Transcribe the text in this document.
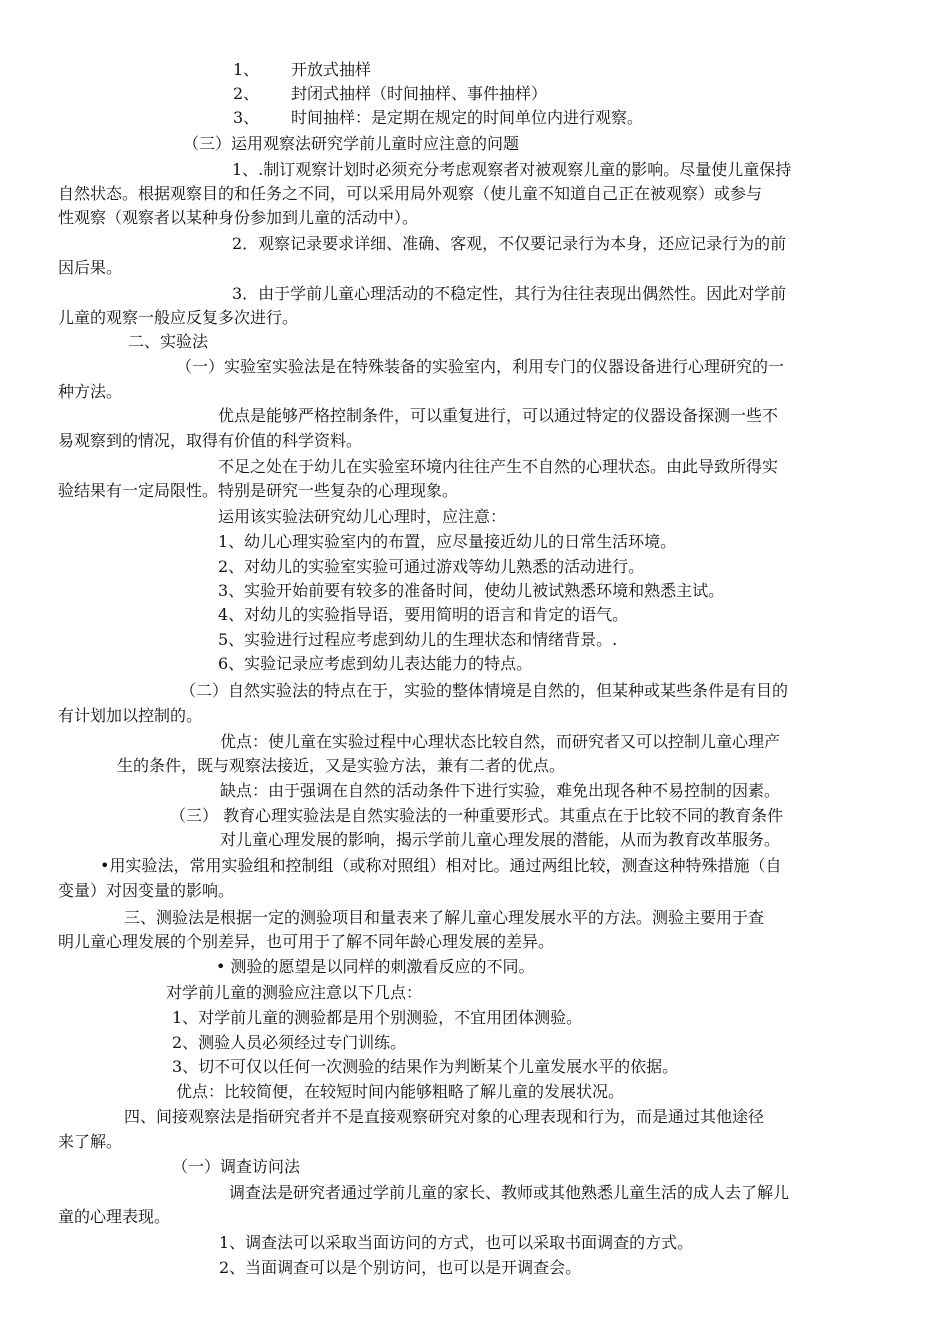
1、 开放式抽样
2、 封闭式抽样（时间抽样、事件抽样）
3、 时间抽样：是定期在规定的时间单位内进行观察。
（三）运用观察法研究学前儿童时应注意的问题
1、.制订观察计划时必须充分考虑观察者对被观察儿童的影响。尽量使儿童保持
自然状态。根据观察目的和任务之不同，可以采用局外观察（使儿童不知道自己正在被观察）或参与
性观察（观察者以某种身份参加到儿童的活动中）。
2．观察记录要求详细、准确、客观，不仅要记录行为本身，还应记录行为的前
因后果。
3．由于学前儿童心理活动的不稳定性，其行为往往表现出偶然性。因此对学前
儿童的观察一般应反复多次进行。
二、实验法
（一）实验室实验法是在特殊装备的实验室内，利用专门的仪器设备进行心理研究的一
种方法。
优点是能够严格控制条件，可以重复进行，可以通过特定的仪器设备探测一些不
易观察到的情况，取得有价值的科学资料。
不足之处在于幼儿在实验室环境内往往产生不自然的心理状态。由此导致所得实
验结果有一定局限性。特别是研究一些复杂的心理现象。
运用该实验法研究幼儿心理时，应注意：
1、幼儿心理实验室内的布置，应尽量接近幼儿的日常生活环境。
2、对幼儿的实验室实验可通过游戏等幼儿熟悉的活动进行。
3、实验开始前要有较多的准备时间，使幼儿被试熟悉环境和熟悉主试。
4、对幼儿的实验指导语，要用简明的语言和肯定的语气。
5、实验进行过程应考虑到幼儿的生理状态和情绪背景。.
6、实验记录应考虑到幼儿表达能力的特点。
（二）自然实验法的特点在于，实验的整体情境是自然的，但某种或某些条件是有目的
有计划加以控制的。
优点：使儿童在实验过程中心理状态比较自然，而研究者又可以控制儿童心理产
生的条件，既与观察法接近，又是实验方法，兼有二者的优点。
缺点：由于强调在自然的活动条件下进行实验，难免出现各种不易控制的因素。
（三） 教育心理实验法是自然实验法的一种重要形式。其重点在于比较不同的教育条件
对儿童心理发展的影响，揭示学前儿童心理发展的潜能，从而为教育改革服务。
•用实验法，常用实验组和控制组（或称对照组）相对比。通过两组比较，测查这种特殊措施（自
变量）对因变量的影响。
三、测验法是根据一定的测验项目和量表来了解儿童心理发展水平的方法。测验主要用于查
明儿童心理发展的个别差异，也可用于了解不同年龄心理发展的差异。
• 测验的愿望是以同样的刺激看反应的不同。
对学前儿童的测验应注意以下几点：
1、对学前儿童的测验都是用个别测验，不宜用团体测验。
2、测验人员必须经过专门训练。
3、切不可仅以任何一次测验的结果作为判断某个儿童发展水平的依据。
优点：比较简便，在较短时间内能够粗略了解儿童的发展状况。
四、间接观察法是指研究者并不是直接观察研究对象的心理表现和行为，而是通过其他途径
来了解。
（一）调查访问法
调查法是研究者通过学前儿童的家长、教师或其他熟悉儿童生活的成人去了解儿
童的心理表现。
1、调查法可以采取当面访问的方式，也可以采取书面调查的方式。
2、当面调查可以是个别访问，也可以是开调查会。
